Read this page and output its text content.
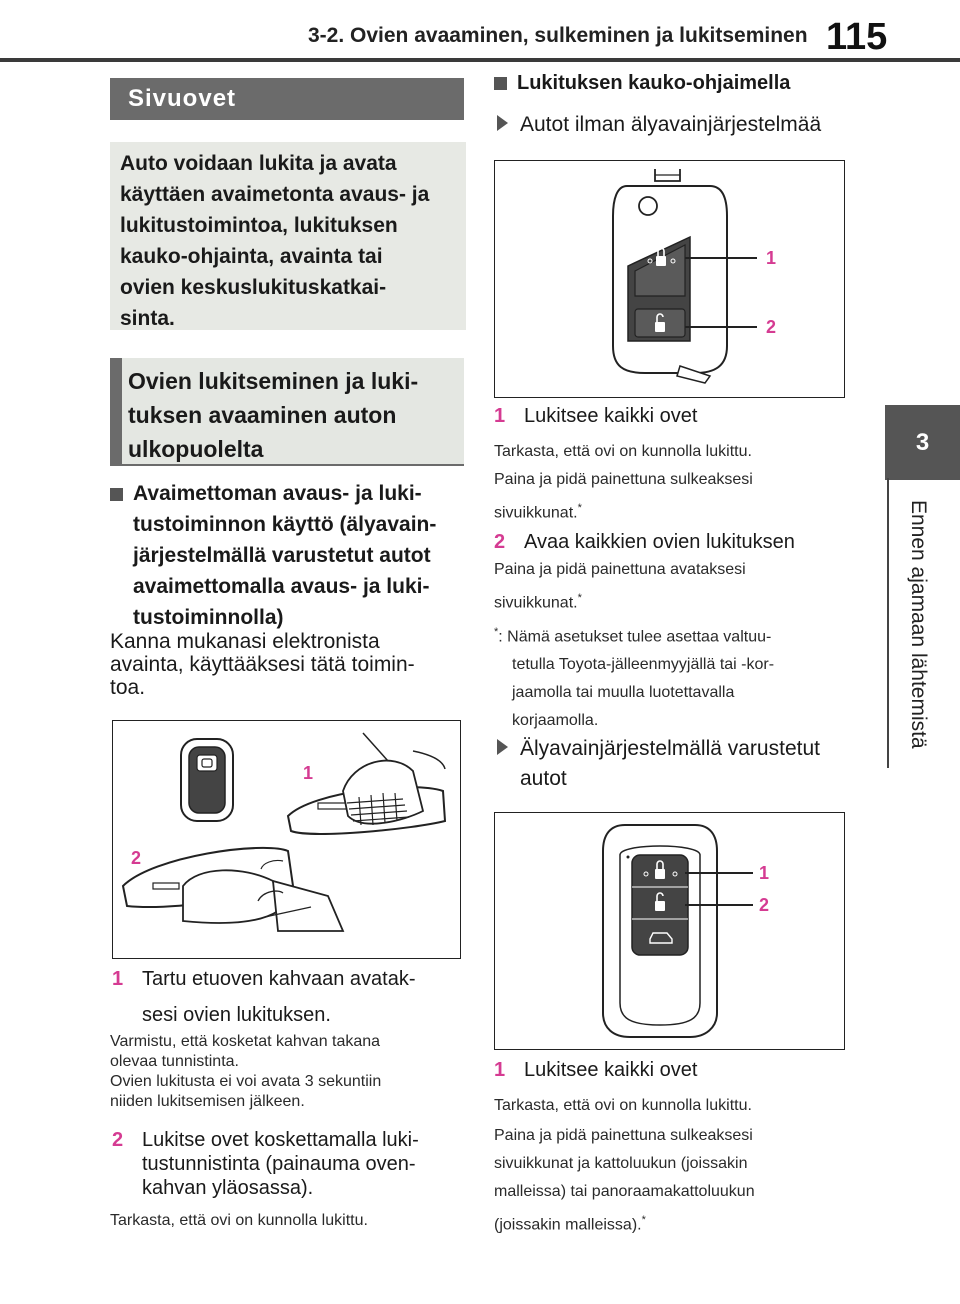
3-2. Ovien avaaminen, sulkeminen ja lukitseminen 115
3
Ennen ajamaan lähtemistä
Sivuovet
Auto voidaan lukita ja avata
käyttäen avaimetonta avaus- ja
lukitustoimintoa, lukituksen
kauko-ohjainta, avainta tai
ovien keskuslukituskatkai-
sinta.
Ovien lukitseminen ja luki-
tuksen avaaminen auton
ulkopuolelta
Avaimettoman avaus- ja luki-
tustoiminnon käyttö (älyavain-
järjestelmällä varustetut autot
avaimettomalla avaus- ja luki-
tustoiminnolla)
Kanna mukanasi elektronista
avainta, käyttääksesi tätä toimin-
toa.
1
2
1 Tartu etuoven kahvaan avatak-
sesi ovien lukituksen.
Varmistu, että kosketat kahvan takana
olevaa tunnistinta.
Ovien lukitusta ei voi avata 3 sekuntiin
niiden lukitsemisen jälkeen.
2 Lukitse ovet koskettamalla luki-
tustunnistinta (painauma oven-
kahvan yläosassa).
Tarkasta, että ovi on kunnolla lukittu.
Lukituksen kauko-ohjaimella
Autot ilman älyavainjärjestelmää
1
2
1 Lukitsee kaikki ovet
Tarkasta, että ovi on kunnolla lukittu.
Paina ja pidä painettuna sulkeaksesi
sivuikkunat.*
2 Avaa kaikkien ovien lukituksen
Paina ja pidä painettuna avataksesi
sivuikkunat.*
*: Nämä asetukset tulee asettaa valtuu-
tetulla Toyota-jälleenmyyjällä tai -kor-
jaamolla tai muulla luotettavalla
korjaamolla.
Älyavainjärjestelmällä varustetut
autot
1
2
1 Lukitsee kaikki ovet
Tarkasta, että ovi on kunnolla lukittu.
Paina ja pidä painettuna sulkeaksesi
sivuikkunat ja kattoluukun (joissakin
malleissa) tai panoraamakattoluukun
(joissakin malleissa).*
